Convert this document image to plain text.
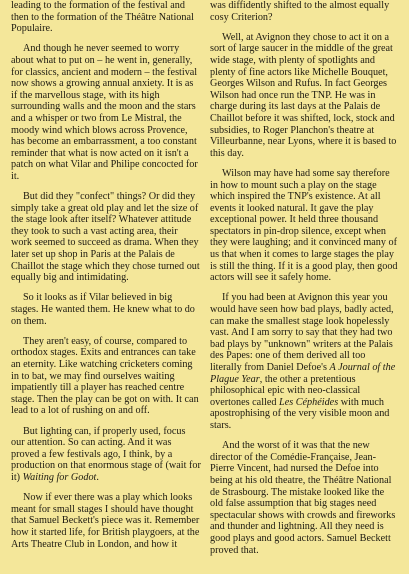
leading to the formation of the festival and then to the formation of the Théâtre National Populaire.

And though he never seemed to worry about what to put on – he went in, generally, for classics, ancient and modern – the festival now shows a growing annual anxiety. It is as if the marvellous stage, with its high surrounding walls and the moon and the stars and a whisper or two from Le Mistral, the moody wind which blows across Provence, has become an embarrassment, a too constant reminder that what is now acted on it isn't a patch on what Vilar and Philipe concocted for it.

But did they "confect" things? Or did they simply take a great old play and let the size of the stage look after itself? Whatever attitude they took to such a vast acting area, their work seemed to succeed as drama. When they later set up shop in Paris at the Palais de Chaillot the stage which they chose turned out equally big and intimidating.

So it looks as if Vilar believed in big stages. He wanted them. He knew what to do on them.

They aren't easy, of course, compared to orthodox stages. Exits and entrances can take an eternity. Like watching cricketers coming in to bat, we may find ourselves waiting impatiently till a player has reached centre stage. Then the play can be got on with. It can lead to a lot of rushing on and off.

But lighting can, if properly used, focus our attention. So can acting. And it was proved a few festivals ago, I think, by a production on that enormous stage of (wait for it) Waiting for Godot.

Now if ever there was a play which looks meant for small stages I should have thought that Samuel Beckett's piece was it. Remember how it started life, for British playgoers, at the Arts Theatre Club in London, and how it

was diffidently shifted to the almost equally cosy Criterion?

Well, at Avignon they chose to act it on a sort of large saucer in the middle of the great wide stage, with plenty of spotlights and plenty of fine actors like Michelle Bouquet, Georges Wilson and Rufus. In fact Georges Wilson had once run the TNP. He was in charge during its last days at the Palais de Chaillot before it was shifted, lock, stock and subsidies, to Roger Planchon's theatre at Villeurbanne, near Lyons, where it is based to this day.

Wilson may have had some say therefore in how to mount such a play on the stage which inspired the TNP's existence. At all events it looked natural. It gave the play exceptional power. It held three thousand spectators in pin-drop silence, except when they were laughing; and it convinced many of us that when it comes to large stages the play is still the thing. If it is a good play, then good actors will see it safely home.

If you had been at Avignon this year you would have seen how bad plays, badly acted, can make the smallest stage look hopelessly vast. And I am sorry to say that they had two bad plays by "unknown" writers at the Palais des Papes: one of them derived all too literally from Daniel Defoe's A Journal of the Plague Year, the other a pretentious philosophical epic with neo-classical overtones called Les Céphéides with much apostrophising of the very visible moon and stars.

And the worst of it was that the new director of the Comédie-Française, Jean-Pierre Vincent, had nursed the Defoe into being at his old theatre, the Théâtre National de Strasbourg. The mistake looked like the old false assumption that big stages need spectacular shows with crowds and fireworks and thunder and lightning. All they need is good plays and good actors. Samuel Beckett proved that.
